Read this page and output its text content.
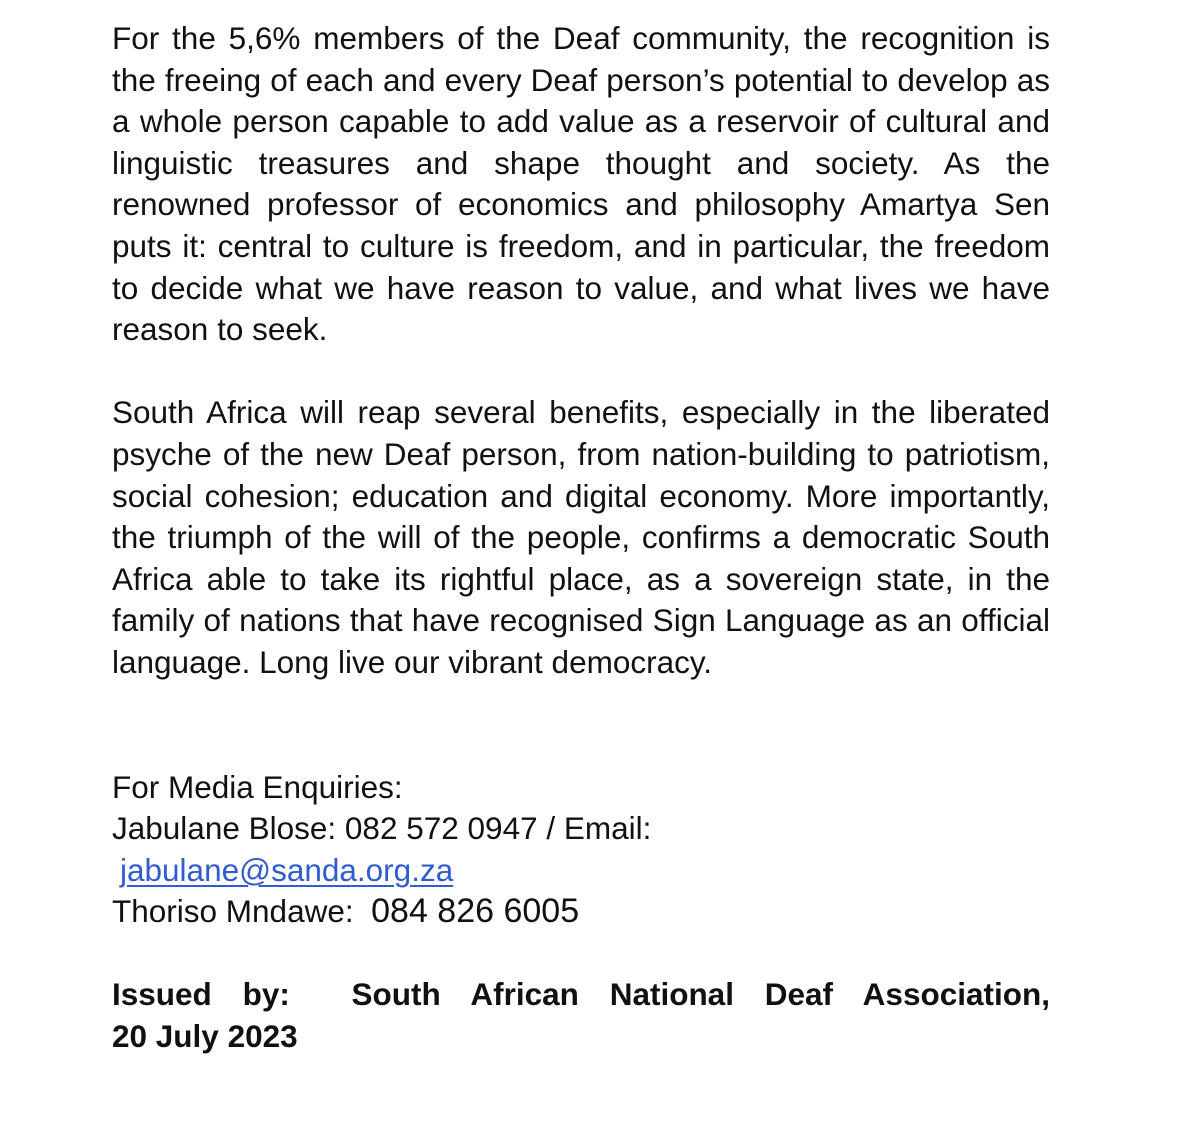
For the 5,6% members of the Deaf community, the recognition is the freeing of each and every Deaf person’s potential to develop as a whole person capable to add value as a reservoir of cultural and linguistic treasures and shape thought and society. As the renowned professor of economics and philosophy Amartya Sen puts it: central to culture is freedom, and in particular, the freedom to decide what we have reason to value, and what lives we have reason to seek.

South Africa will reap several benefits, especially in the liberated psyche of the new Deaf person, from nation-building to patriotism, social cohesion; education and digital economy. More importantly, the triumph of the will of the people, confirms a democratic South Africa able to take its rightful place, as a sovereign state, in the family of nations that have recognised Sign Language as an official language. Long live our vibrant democracy.

For Media Enquiries:
Jabulane Blose: 082 572 0947 / Email:
jabulane@sanda.org.za
Thoriso Mndawe: 084 826 6005
Issued by: South African National Deaf Association,
20 July 2023
